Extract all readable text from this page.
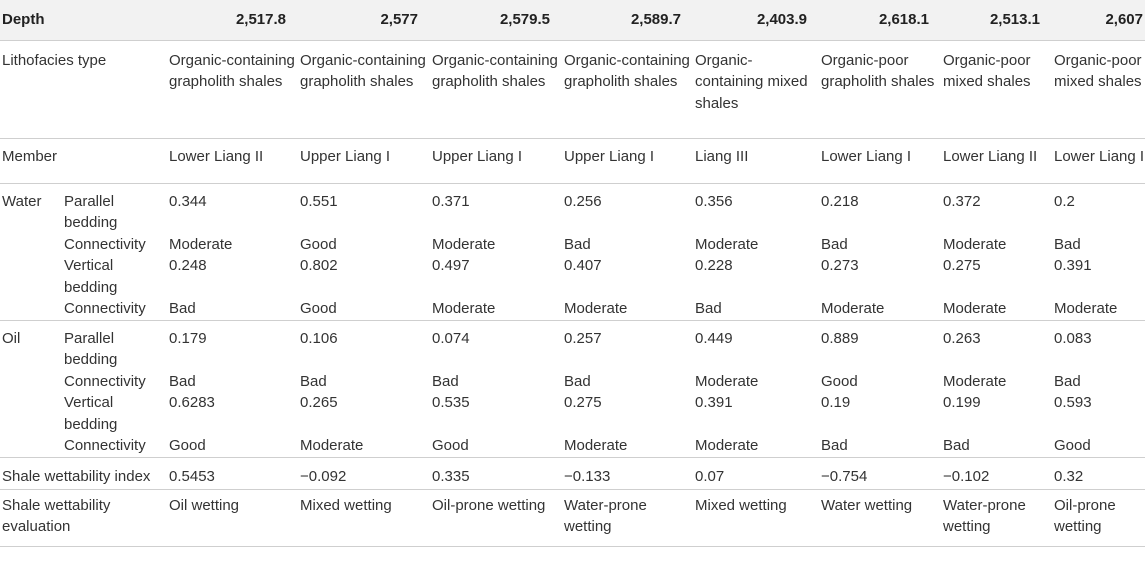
Depth		2,517.8	2,577	2,579.5	2,589.7	2,403.9	2,618.1	2,513.1	2,607
Lithofacies type		Organic-containing grapholith shales	Organic-containing grapholith shales	Organic-containing grapholith shales	Organic-containing grapholith shales	Organic-containing mixed shales	Organic-poor grapholith shales	Organic-poor mixed shales	Organic-poor mixed shales
Member		Lower Liang II	Upper Liang I	Upper Liang I	Upper Liang I	Liang III	Lower Liang I	Lower Liang II	Lower Liang I
Water	Parallel bedding	0.344	0.551	0.371	0.256	0.356	0.218	0.372	0.2
	Connectivity	Moderate	Good	Moderate	Bad	Moderate	Bad	Moderate	Bad
	Vertical bedding	0.248	0.802	0.497	0.407	0.228	0.273	0.275	0.391
	Connectivity	Bad	Good	Moderate	Moderate	Bad	Moderate	Moderate	Moderate
Oil	Parallel bedding	0.179	0.106	0.074	0.257	0.449	0.889	0.263	0.083
	Connectivity	Bad	Bad	Bad	Bad	Moderate	Good	Moderate	Bad
	Vertical bedding	0.6283	0.265	0.535	0.275	0.391	0.19	0.199	0.593
	Connectivity	Good	Moderate	Good	Moderate	Moderate	Bad	Bad	Good
Shale wettability index		0.5453	−0.092	0.335	−0.133	0.07	−0.754	−0.102	0.32
Shale wettability evaluation		Oil wetting	Mixed wetting	Oil-prone wetting	Water-prone wetting	Mixed wetting	Water wetting	Water-prone wetting	Oil-prone wetting
